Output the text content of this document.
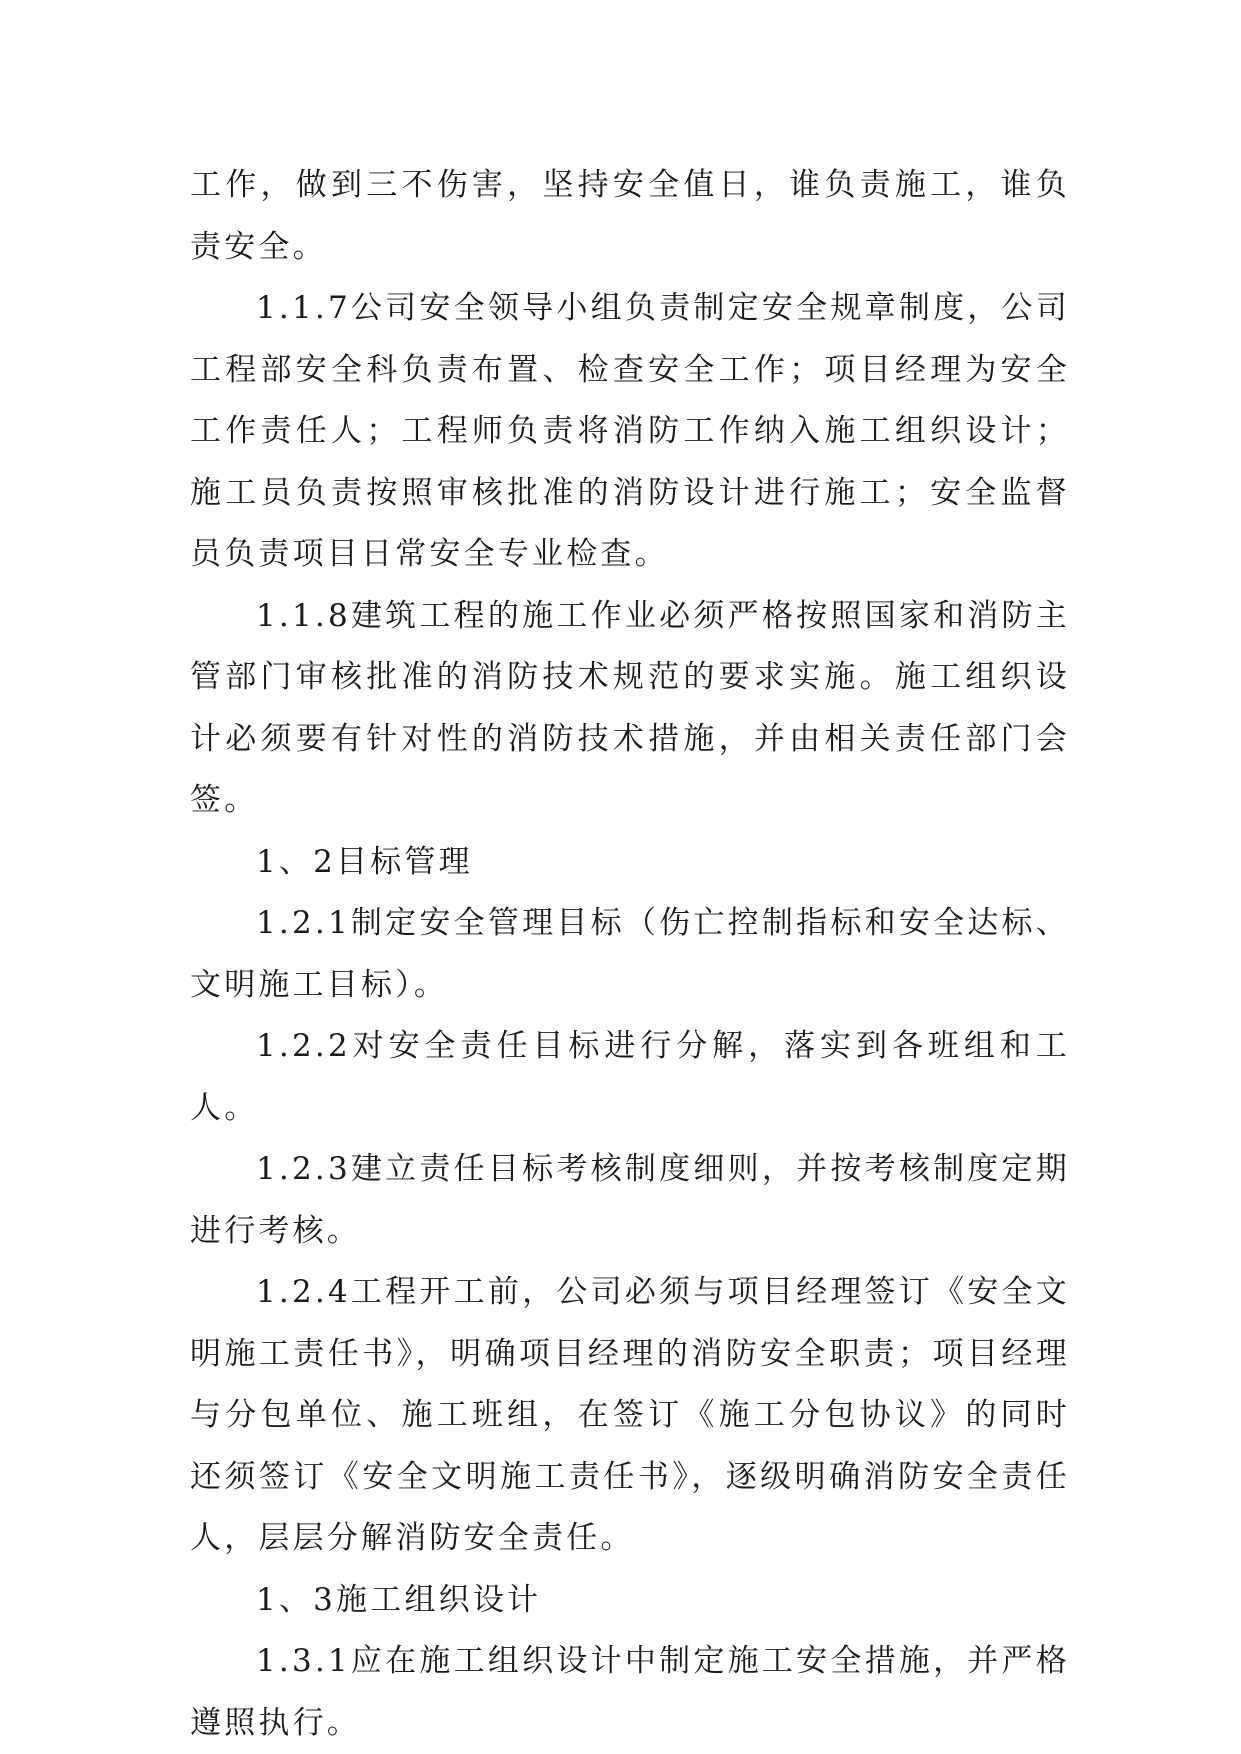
工作，做到三不伤害，坚持安全值日，谁负责施工，谁负责安全。

1.1.7公司安全领导小组负责制定安全规章制度，公司工程部安全科负责布置、检查安全工作；项目经理为安全工作责任人；工程师负责将消防工作纳入施工组织设计；施工员负责按照审核批准的消防设计进行施工；安全监督员负责项目日常安全专业检查。

1.1.8建筑工程的施工作业必须严格按照国家和消防主管部门审核批准的消防技术规范的要求实施。施工组织设计必须要有针对性的消防技术措施，并由相关责任部门会签。

1、2目标管理

1.2.1制定安全管理目标（伤亡控制指标和安全达标、文明施工目标）。

1.2.2对安全责任目标进行分解，落实到各班组和工人。

1.2.3建立责任目标考核制度细则，并按考核制度定期进行考核。

1.2.4工程开工前，公司必须与项目经理签订《安全文明施工责任书》，明确项目经理的消防安全职责；项目经理与分包单位、施工班组，在签订《施工分包协议》的同时还须签订《安全文明施工责任书》，逐级明确消防安全责任人，层层分解消防安全责任。

1、3施工组织设计

1.3.1应在施工组织设计中制定施工安全措施，并严格遵照执行。
